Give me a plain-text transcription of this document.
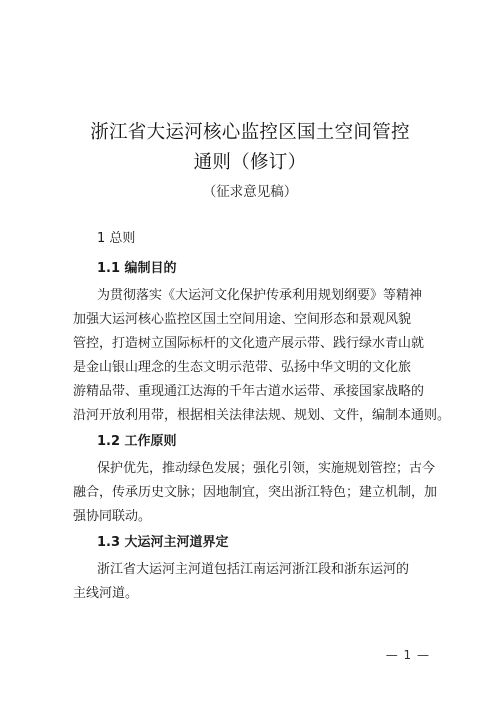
浙江省大运河核心监控区国土空间管控
通则（修订）
（征求意见稿）
1 总则
1.1 编制目的
为贯彻落实《大运河文化保护传承利用规划纲要》等精神
加强大运河核心监控区国土空间用途、空间形态和景观风貌
管控，打造树立国际标杆的文化遗产展示带、践行绿水青山就
是金山银山理念的生态文明示范带、弘扬中华文明的文化旅
游精品带、重现通江达海的千年古道水运带、承接国家战略的
沿河开放利用带，根据相关法律法规、规划、文件，编制本通则。
1.2 工作原则
保护优先，推动绿色发展；强化引领，实施规划管控；古今
融合，传承历史文脉；因地制宜，突出浙江特色；建立机制，加
强协同联动。
1.3 大运河主河道界定
浙江省大运河主河道包括江南运河浙江段和浙东运河的
主线河道。
— 1 —
